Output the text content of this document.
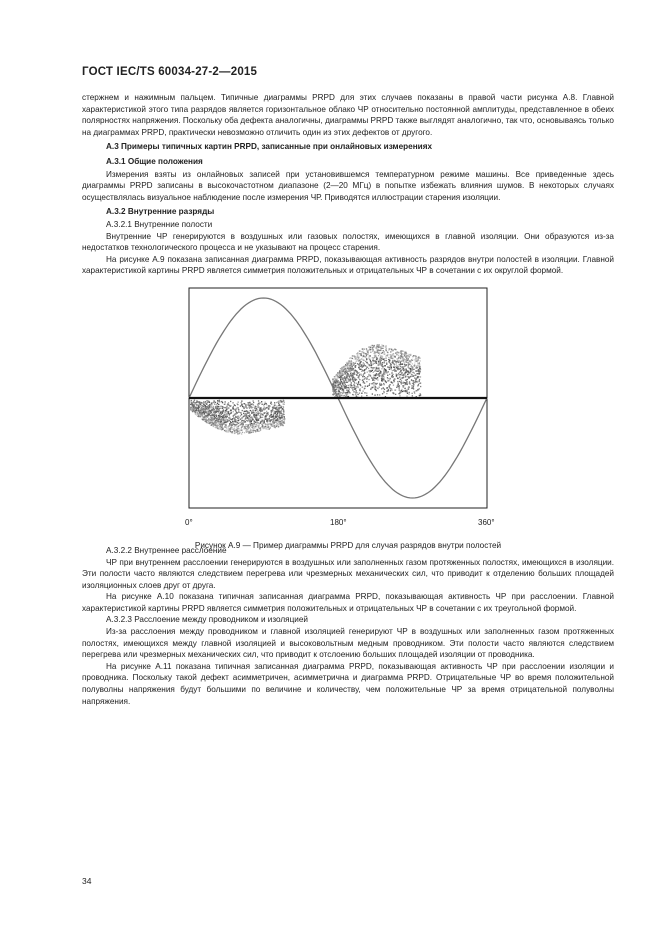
ГОСТ IEC/TS 60034-27-2—2015

стержнем и нажимным пальцем. Типичные диаграммы PRPD для этих случаев показаны в правой части рисунка А.8. Главной характеристикой этого типа разрядов является горизонтальное облако ЧР относительно постоянной амплитуды, представленное в обеих полярностях напряжения. Поскольку оба дефекта аналогичны, диаграммы PRPD также выглядят аналогично, так что, основываясь только на диаграммах PRPD, практически невозможно отличить один из этих дефектов от другого.

А.3 Примеры типичных картин PRPD, записанные при онлайновых измерениях

А.3.1 Общие положения

Измерения взяты из онлайновых записей при установившемся температурном режиме машины. Все приведенные здесь диаграммы PRPD записаны в высокочастотном диапазоне (2—20 МГц) в попытке избежать влияния шумов. В некоторых случаях осуществлялась визуальное наблюдение после измерения ЧР. Приводятся иллюстрации старения изоляции.

А.3.2 Внутренние разряды

А.3.2.1 Внутренние полости

Внутренние ЧР генерируются в воздушных или газовых полостях, имеющихся в главной изоляции. Они образуются из-за недостатков технологического процесса и не указывают на процесс старения.

На рисунке А.9 показана записанная диаграмма PRPD, показывающая активность разрядов внутри полостей в изоляции. Главной характеристикой картины PRPD является симметрия положительных и отрицательных ЧР в сочетании с их округлой формой.

0°	180°	360°
Рисунок А.9 — Пример диаграммы PRPD для случая разрядов внутри полостей

А.3.2.2 Внутреннее расслоение

ЧР при внутреннем расслоении генерируются в воздушных или заполненных газом протяженных полостях, имеющихся в изоляции. Эти полости часто являются следствием перегрева или чрезмерных механических сил, что приводит к отделению больших площадей изоляционных слоев друг от друга.

На рисунке А.10 показана типичная записанная диаграмма PRPD, показывающая активность ЧР при расслоении. Главной характеристикой картины PRPD является симметрия положительных и отрицательных ЧР в сочетании с их треугольной формой.

А.3.2.3 Расслоение между проводником и изоляцией

Из-за расслоения между проводником и главной изоляцией генерируют ЧР в воздушных или заполненных газом протяженных полостях, имеющихся между главной изоляцией и высоковольтным медным проводником. Эти полости часто являются следствием перегрева или чрезмерных механических сил, что приводит к отслоению больших площадей изоляции от проводника.

На рисунке А.11 показана типичная записанная диаграмма PRPD, показывающая активность ЧР при расслоении изоляции и проводника. Поскольку такой дефект асимметричен, асимметрична и диаграмма PRPD. Отрицательные ЧР во время положительной полуволны напряжения будут большими по величине и количеству, чем положительные ЧР за время отрицательной полуволны напряжения.

34
